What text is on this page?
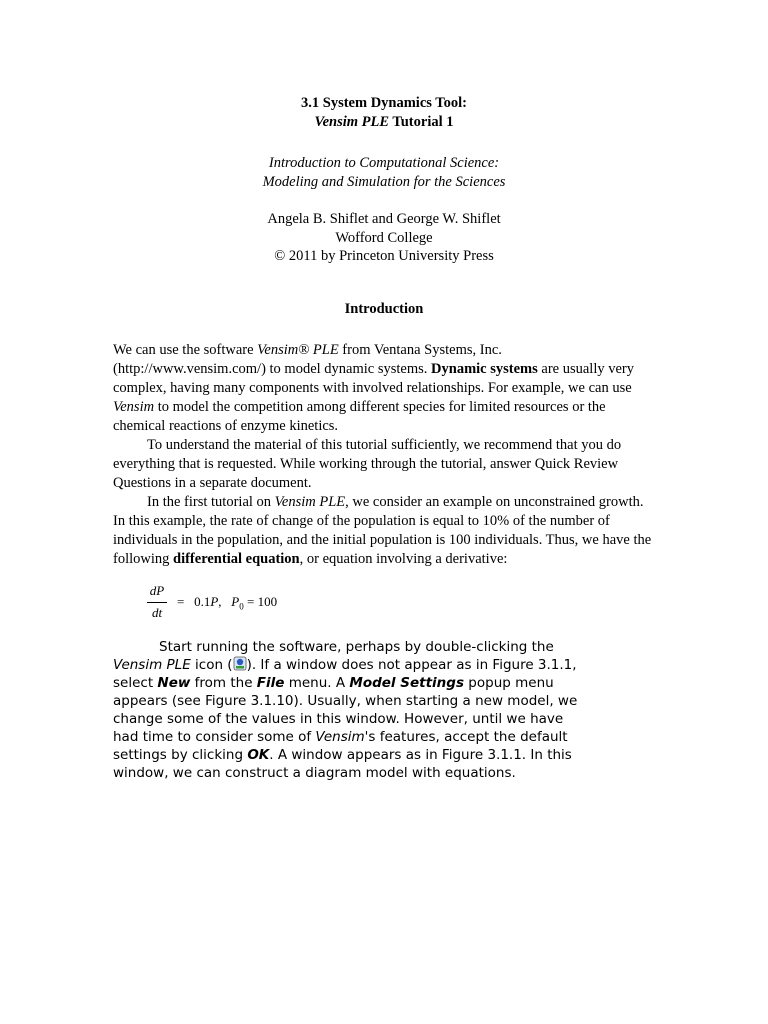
3.1 System Dynamics Tool:
Vensim PLE Tutorial 1
Introduction to Computational Science:
Modeling and Simulation for the Sciences
Angela B. Shiflet and George W. Shiflet
Wofford College
© 2011 by Princeton University Press
Introduction

We can use the software Vensim® PLE from Ventana Systems, Inc. (http://www.vensim.com/) to model dynamic systems. Dynamic systems are usually very complex, having many components with involved relationships. For example, we can use Vensim to model the competition among different species for limited resources or the chemical reactions of enzyme kinetics.

To understand the material of this tutorial sufficiently, we recommend that you do everything that is requested. While working through the tutorial, answer Quick Review Questions in a separate document.

In the first tutorial on Vensim PLE, we consider an example on unconstrained growth. In this example, the rate of change of the population is equal to 10% of the number of individuals in the population, and the initial population is 100 individuals. Thus, we have the following differential equation, or equation involving a derivative:

dP
dt
= 0.1P, $P_0 = 100$
Start running the software, perhaps by double-clicking the
Vensim PLE icon ( ). If a window does not appear as in Figure 3.1.1,
select New from the File menu. A Model Settings popup menu
appears (see Figure 3.1.10). Usually, when starting a new model, we
change some of the values in this window. However, until we have
had time to consider some of Vensim's features, accept the default
settings by clicking OK. A window appears as in Figure 3.1.1. In this
window, we can construct a diagram model with equations.
